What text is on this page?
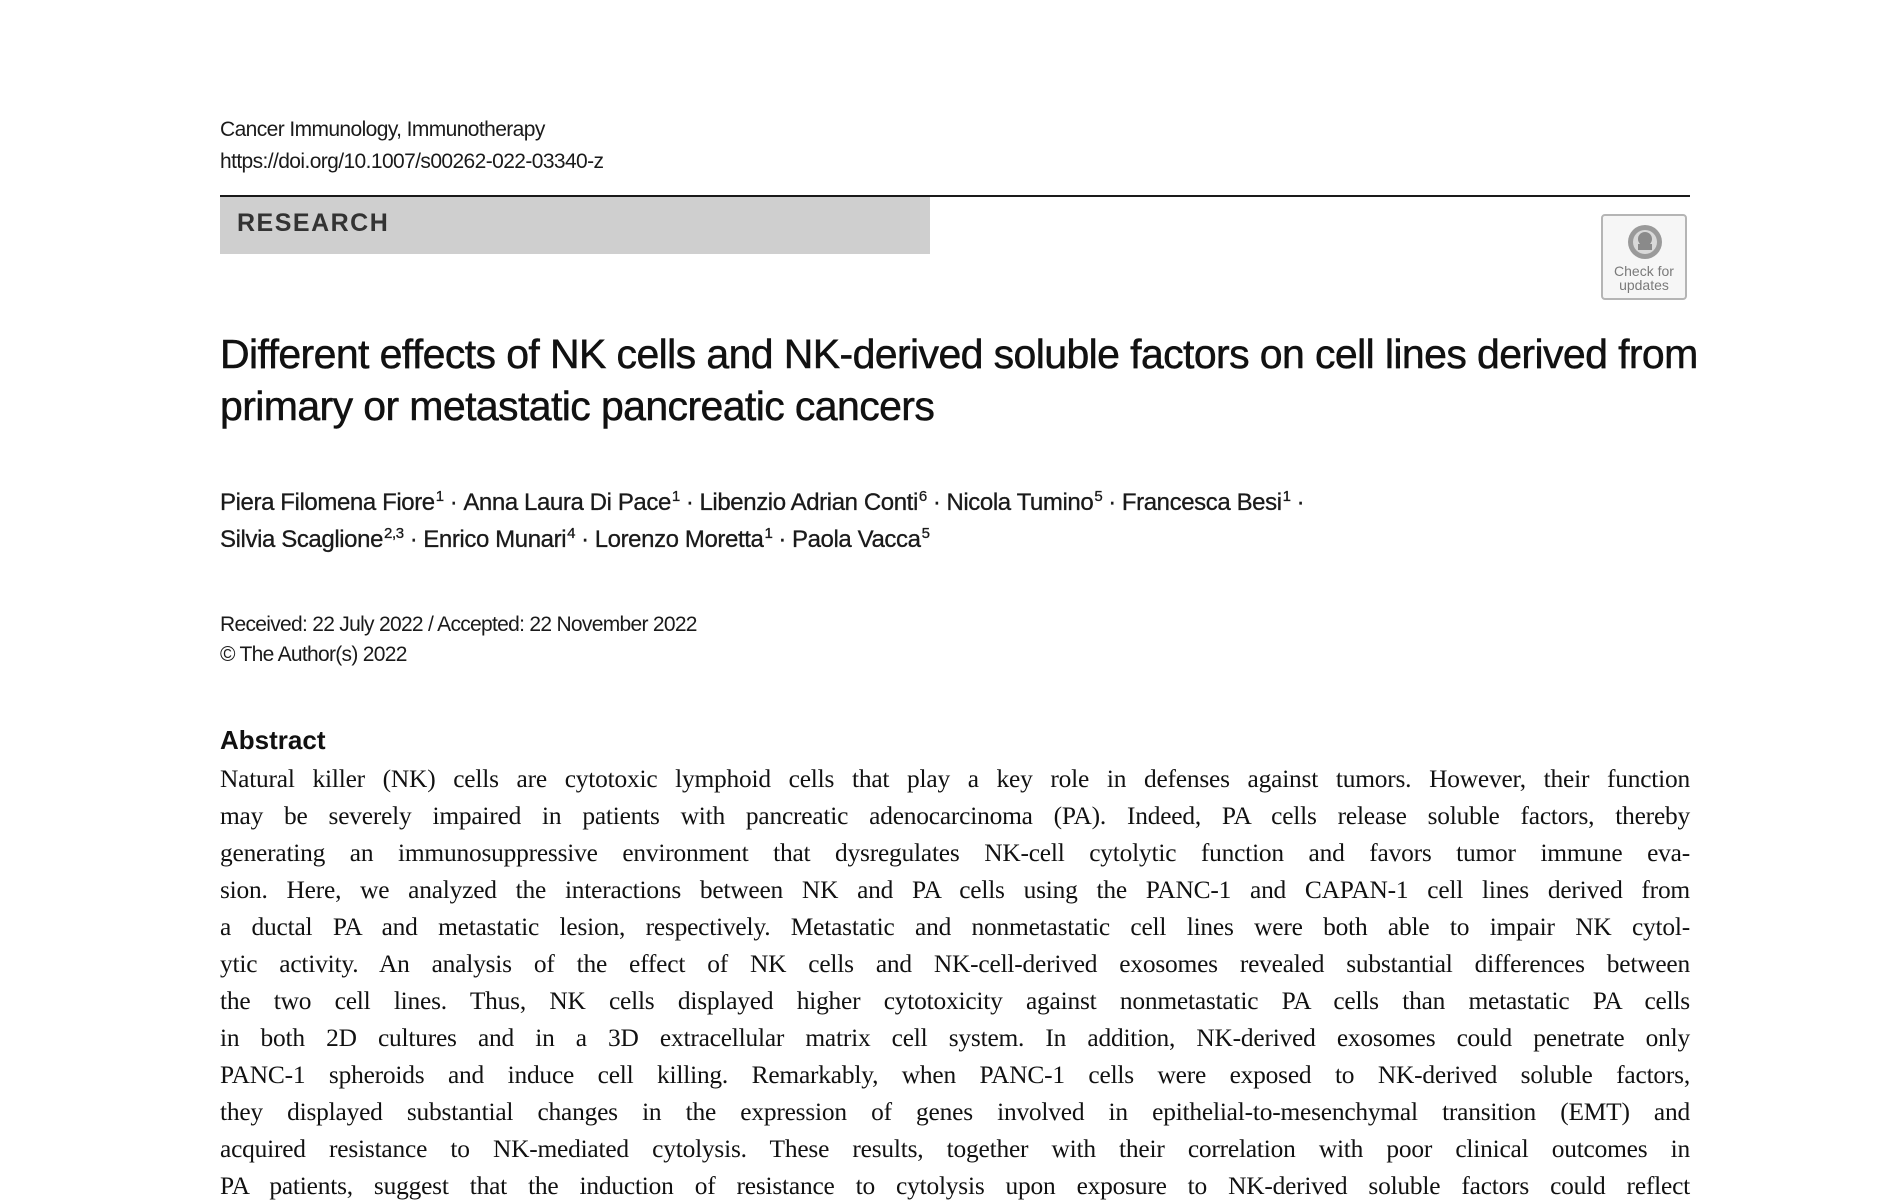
Cancer Immunology, Immunotherapy
https://doi.org/10.1007/s00262-022-03340-z
RESEARCH
Check for
updates
Different effects of NK cells and NK-derived soluble factors on cell lines derived from primary or metastatic pancreatic cancers
Piera Filomena Fiore$^1$ · Anna Laura Di Pace$^1$ · Libenzio Adrian Conti$^6$ · Nicola Tumino$^5$ · Francesca Besi$^1$ ·
Silvia Scaglione$^{2,3}$ · Enrico Munari$^4$ · Lorenzo Moretta$^1$ · Paola Vacca$^5$
Received: 22 July 2022 / Accepted: 22 November 2022
© The Author(s) 2022
Abstract
Natural killer (NK) cells are cytotoxic lymphoid cells that play a key role in defenses against tumors. However, their function
may be severely impaired in patients with pancreatic adenocarcinoma (PA). Indeed, PA cells release soluble factors, thereby
generating an immunosuppressive environment that dysregulates NK-cell cytolytic function and favors tumor immune eva-
sion. Here, we analyzed the interactions between NK and PA cells using the PANC-1 and CAPAN-1 cell lines derived from
a ductal PA and metastatic lesion, respectively. Metastatic and nonmetastatic cell lines were both able to impair NK cytol-
ytic activity. An analysis of the effect of NK cells and NK-cell-derived exosomes revealed substantial differences between
the two cell lines. Thus, NK cells displayed higher cytotoxicity against nonmetastatic PA cells than metastatic PA cells
in both 2D cultures and in a 3D extracellular matrix cell system. In addition, NK-derived exosomes could penetrate only
PANC-1 spheroids and induce cell killing. Remarkably, when PANC-1 cells were exposed to NK-derived soluble factors,
they displayed substantial changes in the expression of genes involved in epithelial-to-mesenchymal transition (EMT) and
acquired resistance to NK-mediated cytolysis. These results, together with their correlation with poor clinical outcomes in
PA patients, suggest that the induction of resistance to cytolysis upon exposure to NK-derived soluble factors could reflect
